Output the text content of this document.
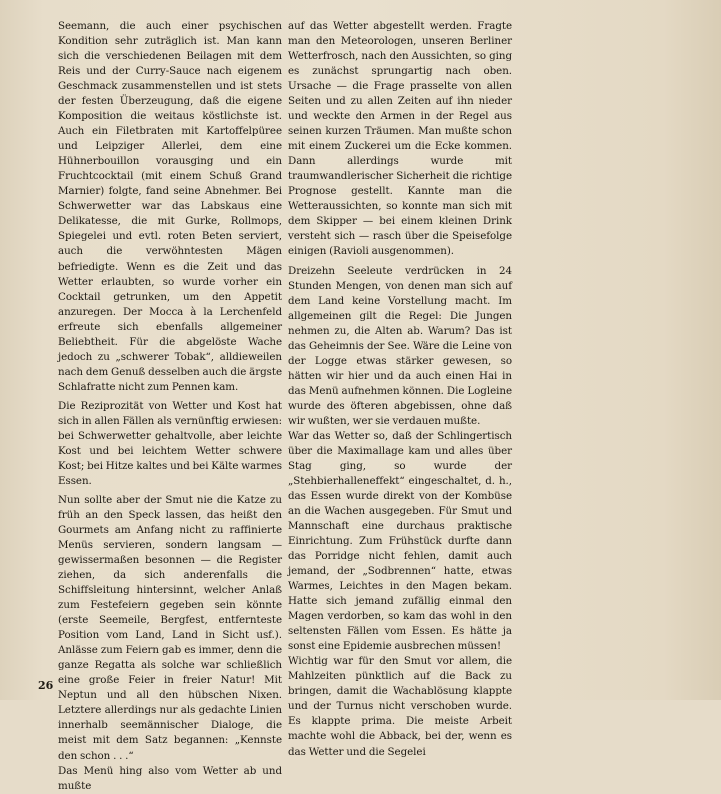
Seemann, die auch einer psychischen Kondition sehr zuträglich ist. Man kann sich die verschiedenen Beilagen mit dem Reis und der Curry-Sauce nach eigenem Geschmack zusammenstellen und ist stets der festen Überzeugung, daß die eigene Komposition die weitaus köstlichste ist. Auch ein Filetbraten mit Kartoffelpüree und Leipziger Allerlei, dem eine Hühnerbouillon vorausging und ein Fruchtcocktail (mit einem Schuß Grand Marnier) folgte, fand seine Abnehmer. Bei Schwerwetter war das Labskaus eine Delikatesse, die mit Gurke, Rollmops, Spiegelei und evtl. roten Beten serviert, auch die verwöhntesten Mägen befriedigte. Wenn es die Zeit und das Wetter erlaubten, so wurde vorher ein Cocktail getrunken, um den Appetit anzuregen. Der Mocca à la Lerchenfeld erfreute sich ebenfalls allgemeiner Beliebtheit. Für die abgelöste Wache jedoch zu „schwerer Tobak“, alldieweilen nach dem Genuß desselben auch die ärgste Schlafratte nicht zum Pennen kam.

Die Reziprozität von Wetter und Kost hat sich in allen Fällen als vernünftig erwiesen: bei Schwerwetter gehaltvolle, aber leichte Kost und bei leichtem Wetter schwere Kost; bei Hitze kaltes und bei Kälte warmes Essen.

Nun sollte aber der Smut nie die Katze zu früh an den Speck lassen, das heißt den Gourmets am Anfang nicht zu raffinierte Menüs servieren, sondern langsam — gewissermaßen besonnen — die Register ziehen, da sich anderenfalls die Schiffsleitung hintersinnt, welcher Anlaß zum Festefeiern gegeben sein könnte (erste Seemeile, Bergfest, entfernteste Position vom Land, Land in Sicht usf.). Anlässe zum Feiern gab es immer, denn die ganze Regatta als solche war schließlich eine große Feier in freier Natur! Mit Neptun und all den hübschen Nixen. Letztere allerdings nur als gedachte Linien innerhalb seemännischer Dialoge, die meist mit dem Satz begannen: „Kennste den schon . . .“

Das Menü hing also vom Wetter ab und mußte

auf das Wetter abgestellt werden. Fragte man den Meteorologen, unseren Berliner Wetterfrosch, nach den Aussichten, so ging es zunächst sprungartig nach oben. Ursache — die Frage prasselte von allen Seiten und zu allen Zeiten auf ihn nieder und weckte den Armen in der Regel aus seinen kurzen Träumen. Man mußte schon mit einem Zuckerei um die Ecke kommen. Dann allerdings wurde mit traumwandlerischer Sicherheit die richtige Prognose gestellt. Kannte man die Wetteraussichten, so konnte man sich mit dem Skipper — bei einem kleinen Drink versteht sich — rasch über die Speisefolge einigen (Ravioli ausgenommen).

Dreizehn Seeleute verdrücken in 24 Stunden Mengen, von denen man sich auf dem Land keine Vorstellung macht. Im allgemeinen gilt die Regel: Die Jungen nehmen zu, die Alten ab. Warum? Das ist das Geheimnis der See. Wäre die Leine von der Logge etwas stärker gewesen, so hätten wir hier und da auch einen Hai in das Menü aufnehmen können. Die Logleine wurde des öfteren abgebissen, ohne daß wir wußten, wer sie verdauen mußte.

War das Wetter so, daß der Schlingertisch über die Maximallage kam und alles über Stag ging, so wurde der „Stehbierhalleneffekt“ eingeschaltet, d. h., das Essen wurde direkt von der Kombüse an die Wachen ausgegeben. Für Smut und Mannschaft eine durchaus praktische Einrichtung. Zum Frühstück durfte dann das Porridge nicht fehlen, damit auch jemand, der „Sodbrennen“ hatte, etwas Warmes, Leichtes in den Magen bekam. Hatte sich jemand zufällig einmal den Magen verdorben, so kam das wohl in den seltensten Fällen vom Essen. Es hätte ja sonst eine Epidemie ausbrechen müssen!

Wichtig war für den Smut vor allem, die Mahlzeiten pünktlich auf die Back zu bringen, damit die Wachablösung klappte und der Turnus nicht verschoben wurde. Es klappte prima. Die meiste Arbeit machte wohl die Abback, bei der, wenn es das Wetter und die Segelei

26
